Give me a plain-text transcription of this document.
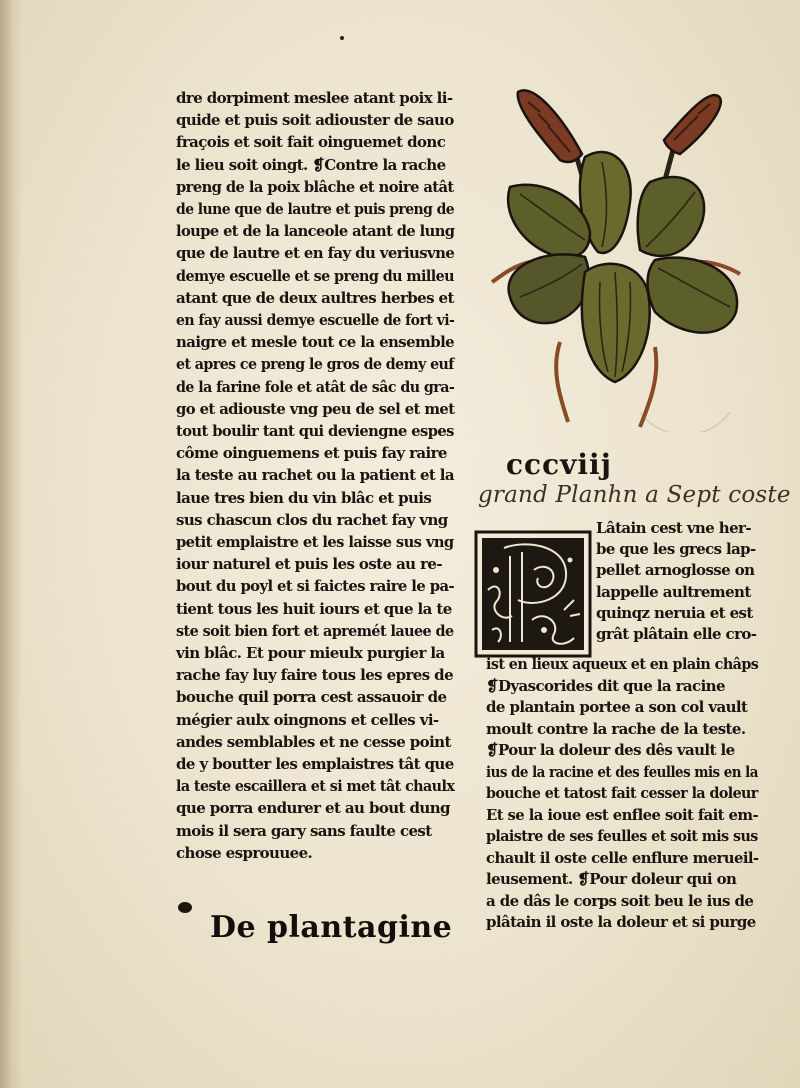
dre dorpiment meslee atant poix li-
quide et puis soit adiouster de sauo
fraçois et soit fait oinguemet donc
le lieu soit oingt. ❡Contre la rache
preng de la poix blâche et noire atât
de lune que de lautre et puis preng de
loupe et de la lanceole atant de lung
que de lautre et en fay du veriusvne
demye escuelle et se preng du milleu
atant que de deux aultres herbes et
en fay aussi demye escuelle de fort vi-
naigre et mesle tout ce la ensemble
et apres ce preng le gros de demy euf
de la farine fole et atât de sâc du gra-
go et adiouste vng peu de sel et met
tout boulir tant qui deviengne espes
côme oinguemens et puis fay raire
la teste au rachet ou la patient et la
laue tres bien du vin blâc et puis
sus chascun clos du rachet fay vng
petit emplaistre et les laisse sus vng
iour naturel et puis les oste au re-
bout du poyl et si faictes raire le pa-
tient tous les huit iours et que la te
ste soit bien fort et apremét lauee de
vin blâc. Et pour mieulx purgier la
rache fay luy faire tous les epres de
bouche quil porra cest assauoir de
mégier aulx oingnons et celles vi-
andes semblables et ne cesse point
de y boutter les emplaistres tât que
la teste escaillera et si met tât chaulx
que porra endurer et au bout dung
mois il sera gary sans faulte cest
chose esprouuee.
De plantagine
cccviij
grand Planhn a Sept coste
Lâtain cest vne her-
be que les grecs lap-
pellet arnoglosse on
lappelle aultrement
quinqz neruia et est
grât plâtain elle cro-
ist en lieux aqueux et en plain châps
❡Dyascorides dit que la racine
de plantain portee a son col vault
moult contre la rache de la teste.
❡Pour la doleur des dês vault le
ius de la racine et des feulles mis en la
bouche et tatost fait cesser la doleur
Et se la ioue est enflee soit fait em-
plaistre de ses feulles et soit mis sus
chault il oste celle enflure merueil-
leusement. ❡Pour doleur qui on
a de dâs le corps soit beu le ius de
plâtain il oste la doleur et si purge
